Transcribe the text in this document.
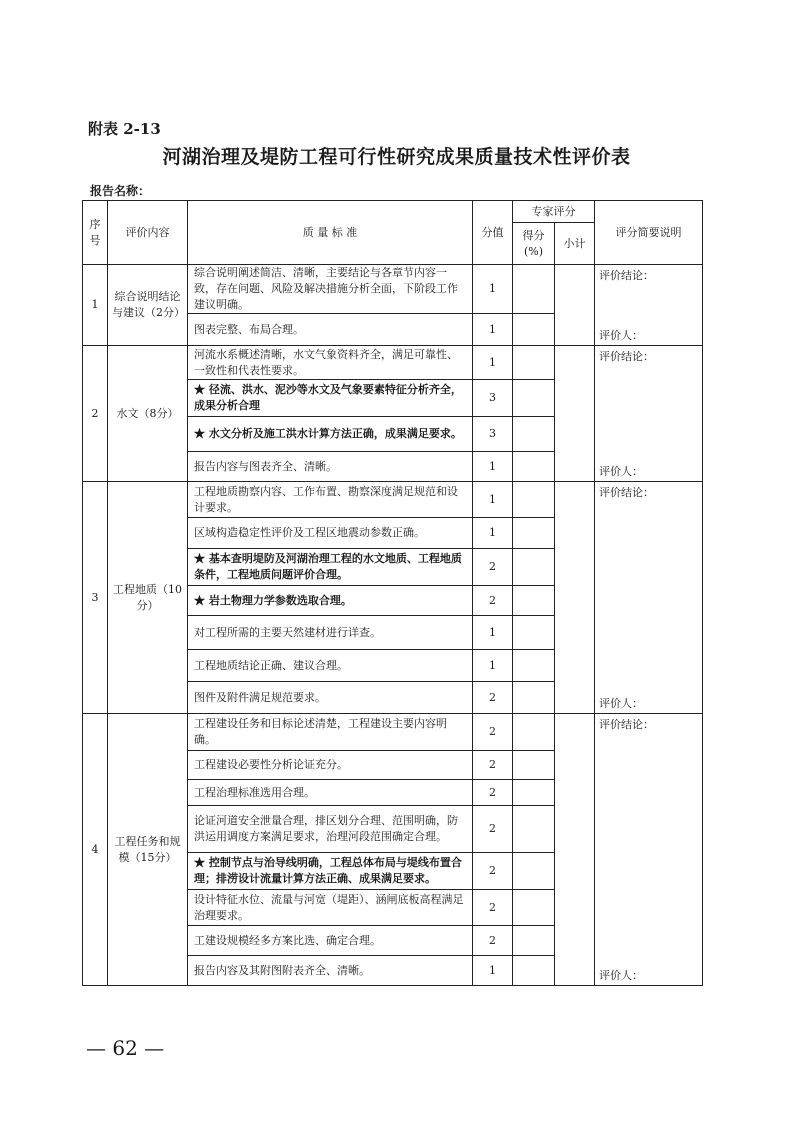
附表 2-13
河湖治理及堤防工程可行性研究成果质量技术性评价表
报告名称：
序号	评价内容	质 量 标 准	分值	专家评分		评分简要说明
				得分(%)	小计	
1	综合说明结论与建议（2分）	综合说明阐述简洁、清晰，主要结论与各章节内容一致，存在问题、风险及解决措施分析全面，下阶段工作建议明确。	1			评价结论：
评价人：

		图表完整、布局合理。	1			
2	水文（8分）	河流水系概述清晰，水文气象资料齐全，满足可靠性、一致性和代表性要求。	1			评价结论：
评价人：

		★ 径流、洪水、泥沙等水文及气象要素特征分析齐全，成果分析合理	3			
		★ 水文分析及施工洪水计算方法正确，成果满足要求。	3			
		报告内容与图表齐全、清晰。	1			
3	工程地质（10分）	工程地质勘察内容、工作布置、勘察深度满足规范和设计要求。	1			评价结论：
评价人：

		区域构造稳定性评价及工程区地震动参数正确。	1			
		★ 基本查明堤防及河湖治理工程的水文地质、工程地质条件，工程地质问题评价合理。	2			
		★ 岩土物理力学参数选取合理。	2			
		对工程所需的主要天然建材进行详查。	1			
		工程地质结论正确、建议合理。	1			
		图件及附件满足规范要求。	2			
4	工程任务和规模（15分）	工程建设任务和目标论述清楚，工程建设主要内容明确。	2			评价结论：
评价人：

		工程建设必要性分析论证充分。	2			
		工程治理标准选用合理。	2			
		论证河道安全泄量合理，排区划分合理、范围明确，防洪运用调度方案满足要求，治理河段范围确定合理。	2			
		★ 控制节点与治导线明确，工程总体布局与堤线布置合理；排涝设计流量计算方法正确、成果满足要求。	2			
		设计特征水位、流量与河宽（堤距）、涵闸底板高程满足治理要求。	2			
		工建设规模经多方案比选、确定合理。	2			
		报告内容及其附图附表齐全、清晰。	1			
— 62 —
